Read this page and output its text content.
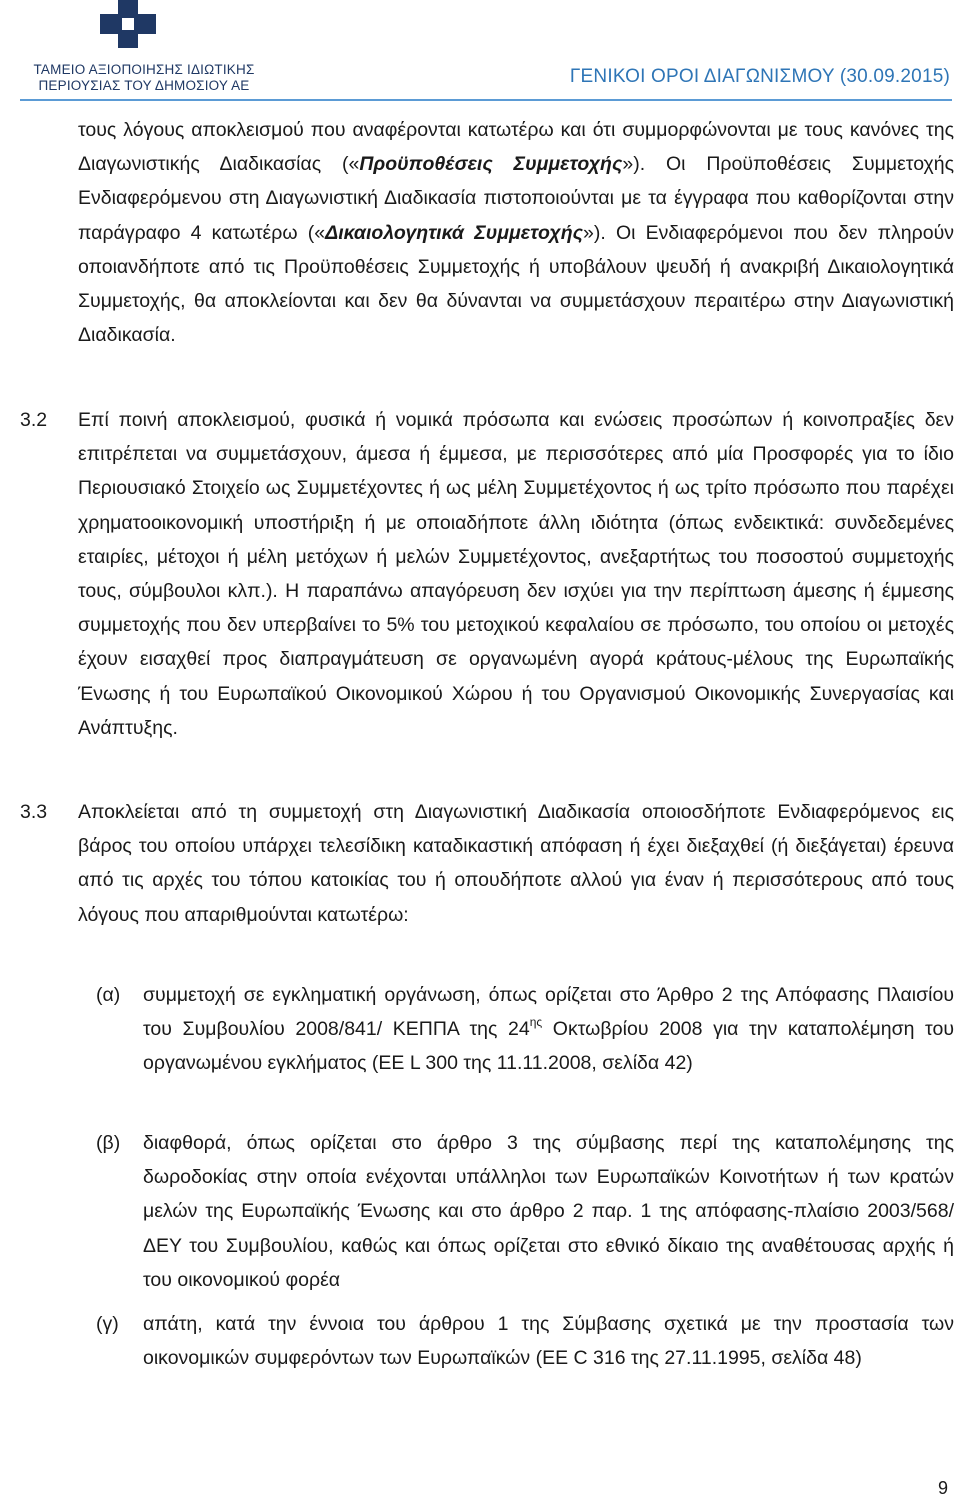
ΤΑΜΕΙΟ ΑΞΙΟΠΟΙΗΣΗΣ ΙΔΙΩΤΙΚΗΣ
ΠΕΡΙΟΥΣΙΑΣ ΤΟΥ ΔΗΜΟΣΙΟΥ ΑΕ	ΓΕΝΙΚΟΙ ΟΡΟΙ ΔΙΑΓΩΝΙΣΜΟΥ (30.09.2015)

τους λόγους αποκλεισμού που αναφέρονται κατωτέρω και ότι συμμορφώνονται με τους κανόνες της Διαγωνιστικής Διαδικασίας («Προϋποθέσεις Συμμετοχής»). Οι Προϋποθέσεις Συμμετοχής Ενδιαφερόμενου στη Διαγωνιστική Διαδικασία πιστοποιούνται με τα έγγραφα που καθορίζονται στην παράγραφο 4 κατωτέρω («Δικαιολογητικά Συμμετοχής»). Οι Ενδιαφερόμενοι που δεν πληρούν οποιανδήποτε από τις Προϋποθέσεις Συμμετοχής ή υποβάλουν ψευδή ή ανακριβή Δικαιολογητικά Συμμετοχής, θα αποκλείονται και δεν θα δύνανται να συμμετάσχουν περαιτέρω στην Διαγωνιστική Διαδικασία.

3.2 Επί ποινή αποκλεισμού, φυσικά ή νομικά πρόσωπα και ενώσεις προσώπων ή κοινοπραξίες δεν επιτρέπεται να συμμετάσχουν, άμεσα ή έμμεσα, με περισσότερες από μία Προσφορές για το ίδιο Περιουσιακό Στοιχείο ως Συμμετέχοντες ή ως μέλη Συμμετέχοντος ή ως τρίτο πρόσωπο που παρέχει χρηματοοικονομική υποστήριξη ή με οποιαδήποτε άλλη ιδιότητα (όπως ενδεικτικά: συνδεδεμένες εταιρίες, μέτοχοι ή μέλη μετόχων ή μελών Συμμετέχοντος, ανεξαρτήτως του ποσοστού συμμετοχής τους, σύμβουλοι κλπ.). Η παραπάνω απαγόρευση δεν ισχύει για την περίπτωση άμεσης ή έμμεσης συμμετοχής που δεν υπερβαίνει το 5% του μετοχικού κεφαλαίου σε πρόσωπο, του οποίου οι μετοχές έχουν εισαχθεί προς διαπραγμάτευση σε οργανωμένη αγορά κράτους-μέλους της Ευρωπαϊκής Ένωσης ή του Ευρωπαϊκού Οικονομικού Χώρου ή του Οργανισμού Οικονομικής Συνεργασίας και Ανάπτυξης.

3.3 Αποκλείεται από τη συμμετοχή στη Διαγωνιστική Διαδικασία οποιοσδήποτε Ενδιαφερόμενος εις βάρος του οποίου υπάρχει τελεσίδικη καταδικαστική απόφαση ή έχει διεξαχθεί (ή διεξάγεται) έρευνα από τις αρχές του τόπου κατοικίας του ή οπουδήποτε αλλού για έναν ή περισσότερους από τους λόγους που απαριθμούνται κατωτέρω:

(α) συμμετοχή σε εγκληματική οργάνωση, όπως ορίζεται στο Άρθρο 2 της Απόφασης Πλαισίου του Συμβουλίου 2008/841/ ΚΕΠΠΑ της $24^{\eta\varsigma}$ Οκτωβρίου 2008 για την καταπολέμηση του οργανωμένου εγκλήματος (ΕΕ L 300 της 11.11.2008, σελίδα 42)

(β) διαφθορά, όπως ορίζεται στο άρθρο 3 της σύμβασης περί της καταπολέμησης της δωροδοκίας στην οποία ενέχονται υπάλληλοι των Ευρωπαϊκών Κοινοτήτων ή των κρατών μελών της Ευρωπαϊκής Ένωσης και στο άρθρο 2 παρ. 1 της απόφασης-πλαίσιο 2003/568/ΔΕΥ του Συμβουλίου, καθώς και όπως ορίζεται στο εθνικό δίκαιο της αναθέτουσας αρχής ή του οικονομικού φορέα

(γ) απάτη, κατά την έννοια του άρθρου 1 της Σύμβασης σχετικά με την προστασία των οικονομικών συμφερόντων των Ευρωπαϊκών (ΕΕ C 316 της 27.11.1995, σελίδα 48)

9
